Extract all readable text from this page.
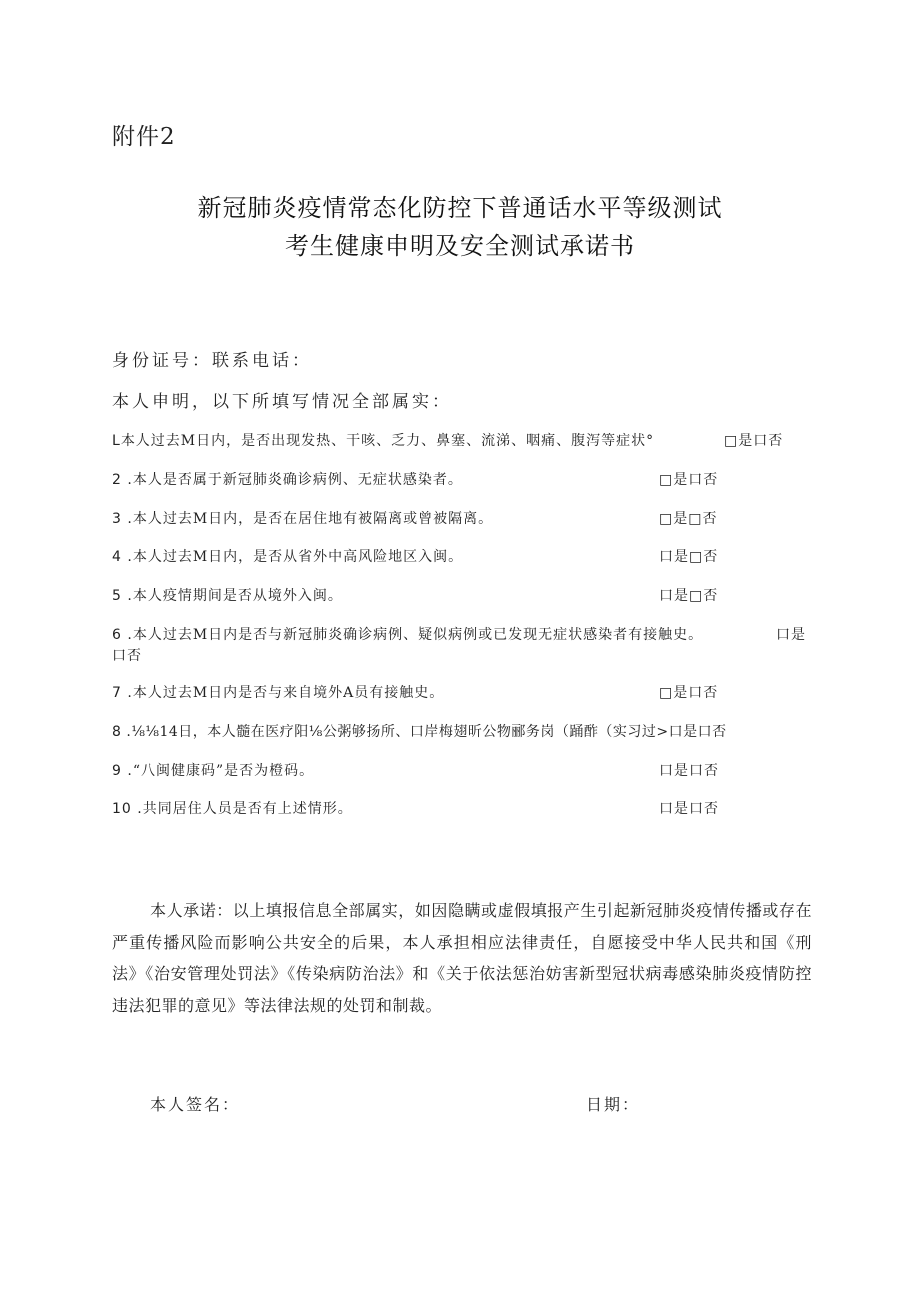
附件2
新冠肺炎疫情常态化防控下普通话水平等级测试
考生健康申明及安全测试承诺书
身份证号：联系电话：
本人申明，以下所填写情况全部属实：
L本人过去M日内，是否出现发热、干咳、乏力、鼻塞、流涕、咽痛、腹泻等症状°	□是口否
2 .本人是否属于新冠肺炎确诊病例、无症状感染者。	□是口否
3 .本人过去M日内，是否在居住地有被隔离或曾被隔离。	□是□否
4 .本人过去M日内，是否从省外中高风险地区入闽。	口是□否
5 .本人疫情期间是否从境外入闽。	口是□否
6 .本人过去M日内是否与新冠肺炎确诊病例、疑似病例或已发现无症状感染者有接触史。	口是
口否
7 .本人过去M日内是否与来自境外A员有接触史。	□是口否
8 .⅛⅛14日，本人髓在医疗阳⅛公粥够扬所、口岸梅翅昕公物郦务岗（踊酢（实习过>口是口否
9 .“八闽健康码”是否为橙码。	口是口否
10 .共同居住人员是否有上述情形。	口是口否
本人承诺：以上填报信息全部属实，如因隐瞒或虚假填报产生引起新冠肺炎疫情传播或存在严重传播风险而影响公共安全的后果，本人承担相应法律责任，自愿接受中华人民共和国《刑法》《治安管理处罚法》《传染病防治法》和《关于依法惩治妨害新型冠状病毒感染肺炎疫情防控违法犯罪的意见》等法律法规的处罚和制裁。
本人签名：	日期：
